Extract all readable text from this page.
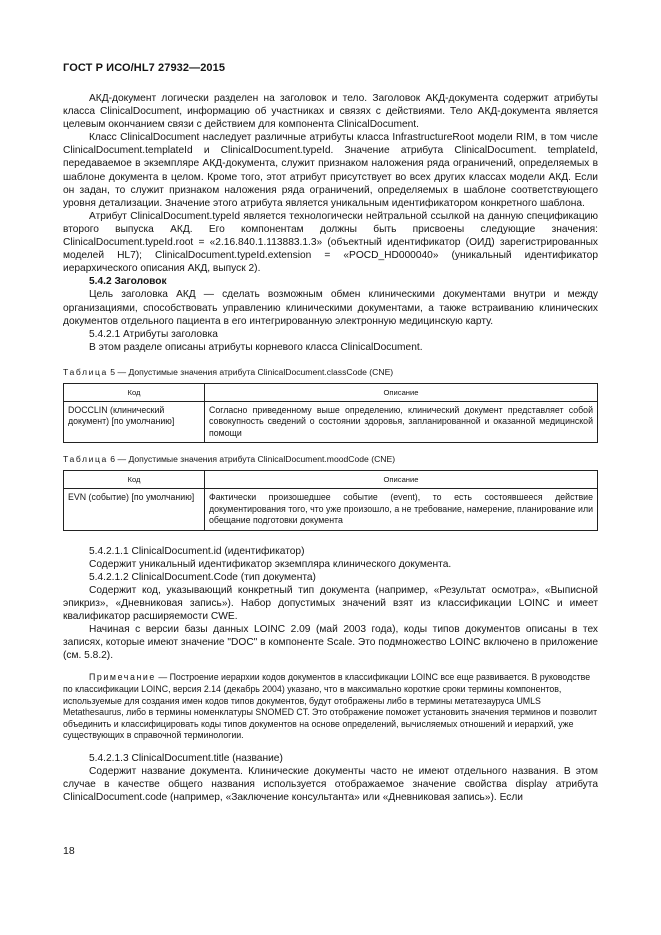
ГОСТ Р ИСО/HL7 27932—2015

АКД-документ логически разделен на заголовок и тело. Заголовок АКД-документа содержит атрибуты класса ClinicalDocument, информацию об участниках и связях с действиями. Тело АКД-документа является целевым окончанием связи с действием для компонента ClinicalDocument.

Класс ClinicalDocument наследует различные атрибуты класса InfrastructureRoot модели RIM, в том числе ClinicalDocument.templateId и ClinicalDocument.typeId. Значение атрибута ClinicalDocument. templateId, передаваемое в экземпляре АКД-документа, служит признаком наложения ряда ограничений, определяемых в шаблоне документа в целом. Кроме того, этот атрибут присутствует во всех других классах модели АКД. Если он задан, то служит признаком наложения ряда ограничений, определяемых в шаблоне соответствующего уровня детализации. Значение этого атрибута является уникальным идентификатором конкретного шаблона.

Атрибут ClinicalDocument.typeId является технологически нейтральной ссылкой на данную спецификацию второго выпуска АКД. Его компонентам должны быть присвоены следующие значения: ClinicalDocument.typeId.root = «2.16.840.1.113883.1.3» (объектный идентификатор (ОИД) зарегистрированных моделей HL7); ClinicalDocument.typeId.extension = «POCD_HD000040» (уникальный идентификатор иерархического описания АКД, выпуск 2).

5.4.2 Заголовок

Цель заголовка АКД — сделать возможным обмен клиническими документами внутри и между организациями, способствовать управлению клиническими документами, а также встраиванию клинических документов отдельного пациента в его интегрированную электронную медицинскую карту.

5.4.2.1 Атрибуты заголовка

В этом разделе описаны атрибуты корневого класса ClinicalDocument.

Таблица 5 — Допустимые значения атрибута ClinicalDocument.classCode (CNE)
Код	Описание
DOCCLIN (клинический документ) [по умолчанию]	Согласно приведенному выше определению, клинический документ представляет собой совокупность сведений о состоянии здоровья, запланированной и оказанной медицинской помощи
Таблица 6 — Допустимые значения атрибута ClinicalDocument.moodCode (CNE)
Код	Описание
EVN (событие) [по умолчанию]	Фактически произошедшее событие (event), то есть состоявшееся действие документирования того, что уже произошло, а не требование, намерение, планирование или обещание подготовки документа

5.4.2.1.1 ClinicalDocument.id (идентификатор)

Содержит уникальный идентификатор экземпляра клинического документа.

5.4.2.1.2 ClinicalDocument.Code (тип документа)

Содержит код, указывающий конкретный тип документа (например, «Результат осмотра», «Выписной эпикриз», «Дневниковая запись»). Набор допустимых значений взят из классификации LOINC и имеет квалификатор расширяемости CWE.

Начиная с версии базы данных LOINC 2.09 (май 2003 года), коды типов документов описаны в тех записях, которые имеют значение "DOC" в компоненте Scale. Это подмножество LOINC включено в приложение (см. 5.8.2).

Примечание — Построение иерархии кодов документов в классификации LOINC все еще развивается. В руководстве по классификации LOINC, версия 2.14 (декабрь 2004) указано, что в максимально короткие сроки термины компонентов, используемые для создания имен кодов типов документов, будут отображены либо в термины метатезауруса UMLS Metathesaurus, либо в термины номенклатуры SNOMED CT. Это отображение поможет установить значения терминов и позволит объединить и классифицировать коды типов документов на основе определений, вычисляемых отношений и иерархий, уже существующих в справочной терминологии.

5.4.2.1.3 ClinicalDocument.title (название)

Содержит название документа. Клинические документы часто не имеют отдельного названия. В этом случае в качестве общего названия используется отображаемое значение свойства display атрибута ClinicalDocument.code (например, «Заключение консультанта» или «Дневниковая запись»). Если

18
